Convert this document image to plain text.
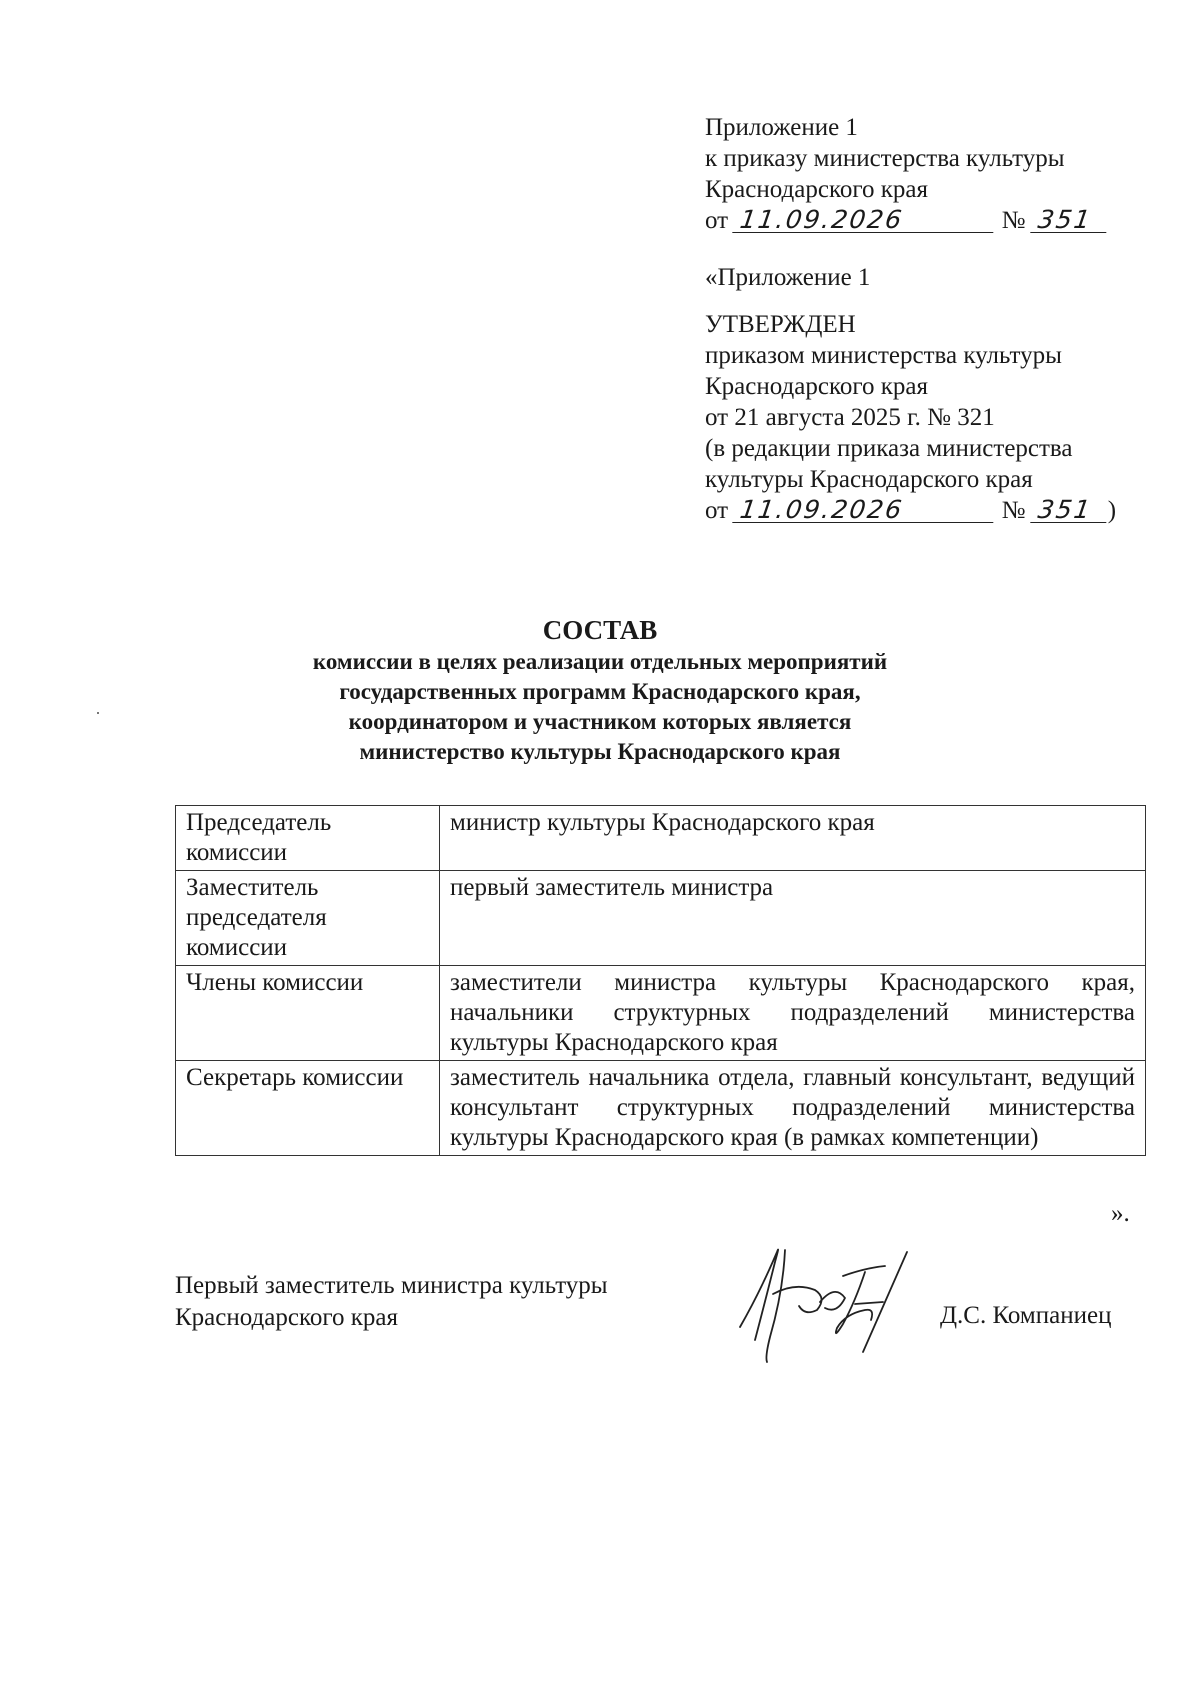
Приложение 1
к приказу министерства культуры
Краснодарского края
от 11.09.2026	№ 351
«Приложение 1
УТВЕРЖДЕН
приказом министерства культуры
Краснодарского края
от 21 августа 2025 г. № 321
(в редакции приказа министерства
культуры Краснодарского края
от 11.09.2026	№ 351 )
СОСТАВ
комиссии в целях реализации отдельных мероприятий
государственных программ Краснодарского края,
координатором и участником которых является
министерство культуры Краснодарского края
Председатель комиссии	министр культуры Краснодарского края
Заместитель председателя комиссии	первый заместитель министра
Члены комиссии	заместители министра культуры Краснодарского края, начальники структурных подразделений министерства культуры Краснодарского края
Секретарь комиссии	заместитель начальника отдела, главный консультант, ведущий консультант структурных подразделений министерства культуры Краснодарского края (в рамках компетенции)
».
Первый заместитель министра культуры
Краснодарского края	Д.С. Компаниец
